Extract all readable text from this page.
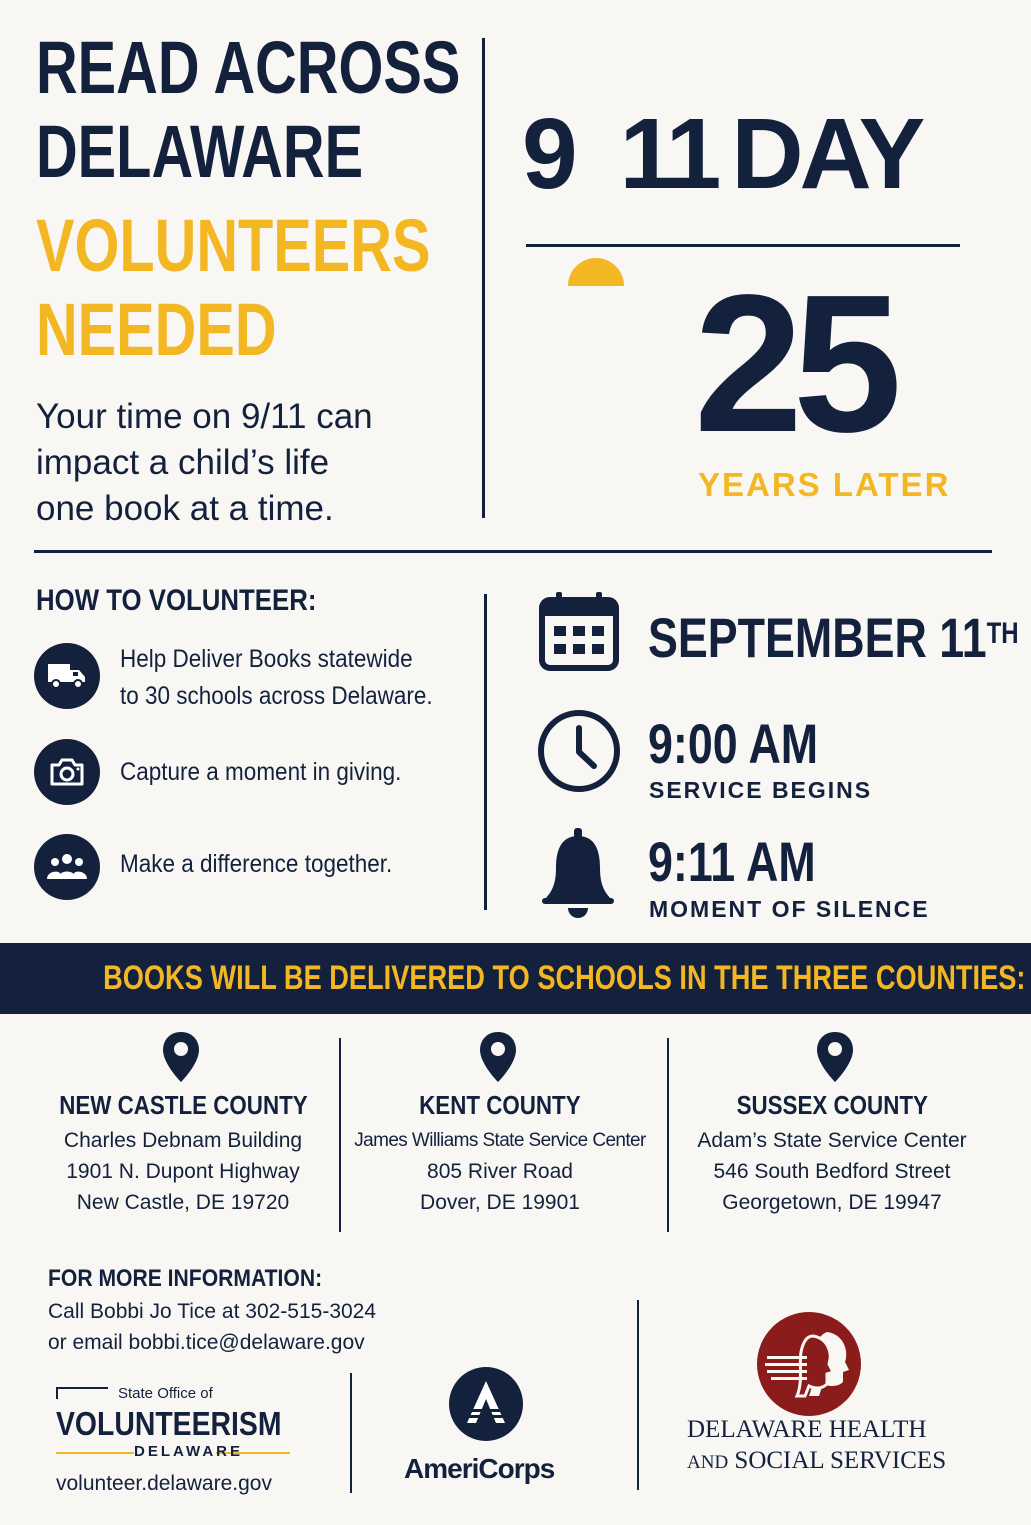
READ ACROSS
DELAWARE
VOLUNTEERS
NEEDED
Your time on 9/11 can
impact a child’s life
one book at a time.
9 11 DAY
25
YEARS LATER
HOW TO VOLUNTEER:
Help Deliver Books statewide
to 30 schools across Delaware.
Capture a moment in giving.
Make a difference together.
SEPTEMBER 11TH
9:00 AM
SERVICE BEGINS
9:11 AM
MOMENT OF SILENCE
BOOKS WILL BE DELIVERED TO SCHOOLS IN THE THREE COUNTIES:
NEW CASTLE COUNTY
Charles Debnam Building
1901 N. Dupont Highway
New Castle, DE 19720
KENT COUNTY
James Williams State Service Center
805 River Road
Dover, DE 19901
SUSSEX COUNTY
Adam’s State Service Center
546 South Bedford Street
Georgetown, DE 19947
FOR MORE INFORMATION:
Call Bobbi Jo Tice at 302-515-3024
or email bobbi.tice@delaware.gov
State Office of
VOLUNTEERISM
DELAWARE
volunteer.delaware.gov	AmeriCorps
DELAWARE HEALTH
AND SOCIAL SERVICES
